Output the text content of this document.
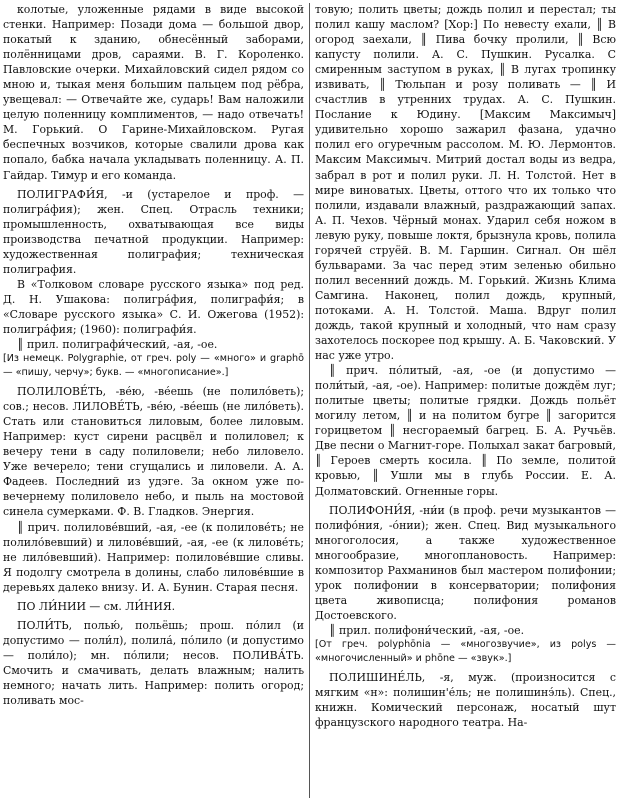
колотые, уложенные рядами в виде высокой стенки. Например: Позади дома — большой двор, покатый к зданию, обнесённый заборами, полённицами дров, сараями. В. Г. Короленко. Павловские очерки. Михайловский сидел рядом со мною и, тыкая меня большим пальцем под рёбра, увещевал: — Отвечайте же, сударь! Вам наложили целую поленницу комплиментов, — надо отвечать! М. Горький. О Гарине-Михайловском. Ругая беспечных возчиков, которые свалили дрова как попало, бабка начала укладывать поленницу. А. П. Гайдар. Тимур и его команда.

ПОЛИГРАФИ́Я, -и (устарелое и проф. — полигра́фия); жен. Спец. Отрасль техники; промышленность, охватывающая все виды производства печатной продукции. Например: художественная полиграфия; техническая полиграфия.

В «Толковом словаре русского языка» под ред. Д. Н. Ушакова: полигра́фия, полиграфи́я; в «Словаре русского языка» С. И. Ожегова (1952): полигра́фия; (1960): полиграфи́я.

║ прил. полиграфи́ческий, -ая, -ое.

[Из немецк. Polygraphie, от греч. poly — «много» и graphō — «пишу, черчу»; букв. — «многописание».]

ПОЛИЛОВЕ́ТЬ, -ве́ю, -ве́ешь (не полило́веть); сов.; несов. ЛИЛОВЕ́ТЬ, -ве́ю, -ве́ешь (не лило́веть). Стать или становиться лиловым, более лиловым. Например: куст сирени расцвёл и полиловел; к вечеру тени в саду полиловели; небо лиловело. Уже вечерело; тени сгущались и лиловели. А. А. Фадеев. Последний из удэге. За окном уже по-вечернему полиловело небо, и пыль на мостовой синела сумерками. Ф. В. Гладков. Энергия.

║ прич. полилове́вший, -ая, -ее (к полилове́ть; не полило́вевший) и лилове́вший, -ая, -ее (к лилове́ть; не лило́вевший). Например: полилове́вшие сливы. Я подолгу смотрела в долины, слабо лилове́вшие в деревьях далеко внизу. И. А. Бунин. Старая песня.

ПО ЛИ́НИИ — см. ЛИ́НИЯ.

ПОЛИ́ТЬ, полью́, польёшь; прош. по́лил (и допустимо — поли́л), полила́, по́лило (и допустимо — поли́ло); мн. по́лили; несов. ПОЛИВА́ТЬ. Смочить и смачивать, делать влажным; налить немного; начать лить. Например: полить огород; поливать мос-

товую; полить цветы; дождь полил и перестал; ты полил кашу маслом? [Хор:] По невесту ехали, ║ В огород заехали, ║ Пива бочку пролили, ║ Всю капусту полили. А. С. Пушкин. Русалка. С смиренным заступом в руках, ║ В лугах тропинку извивать, ║ Тюльпан и розу поливать — ║ И счастлив в утренних трудах. А. С. Пушкин. Послание к Юдину. [Максим Максимыч] удивительно хорошо зажарил фазана, удачно полил его огуречным рассолом. М. Ю. Лермонтов. Максим Максимыч. Митрий достал воды из ведра, забрал в рот и полил руки. Л. Н. Толстой. Нет в мире виноватых. Цветы, оттого что их только что полили, издавали влажный, раздражающий запах. А. П. Чехов. Чёрный монах. Ударил себя ножом в левую руку, повыше локтя, брызнула кровь, полила горячей струёй. В. М. Гаршин. Сигнал. Он шёл бульварами. За час перед этим зеленью обильно полил весенний дождь. М. Горький. Жизнь Клима Самгина. Наконец, полил дождь, крупный, потоками. А. Н. Толстой. Маша. Вдруг полил дождь, такой крупный и холодный, что нам сразу захотелось поскорее под крышу. А. Б. Чаковский. У нас уже утро.

║ прич. по́литый, -ая, -ое (и допустимо — поли́тый, -ая, -ое). Например: политые дождём луг; политые цветы; политые грядки. Дождь польёт могилу летом, ║ и на политом бугре ║ загорится горицветом ║ несгораемый багрец. Б. А. Ручьёв. Две песни о Магнит-горе. Полыхал закат багровый, ║ Героев смерть косила. ║ По земле, политой кровью, ║ Ушли мы в глубь России. Е. А. Долматовский. Огненные горы.

ПОЛИФОНИ́Я, -ни́и (в проф. речи музыкантов — полифо́ния, -о́нии); жен. Спец. Вид музыкального многоголосия, а также художественное многообразие, многоплановость. Например: композитор Рахманинов был мастером полифонии; урок полифонии в консерватории; полифония цвета живописца; полифония романов Достоевского.

║ прил. полифони́ческий, -ая, -ое.

[От греч. polyphōnia — «многозвучие», из polys — «многочисленный» и phōne — «звук».]

ПОЛИШИНЕ́ЛЬ, -я, муж. (произносится с мягким «н»: полишин'е́ль; не полишинэ́ль). Спец., книжн. Комический персонаж, носатый шут французского народного театра. На-
